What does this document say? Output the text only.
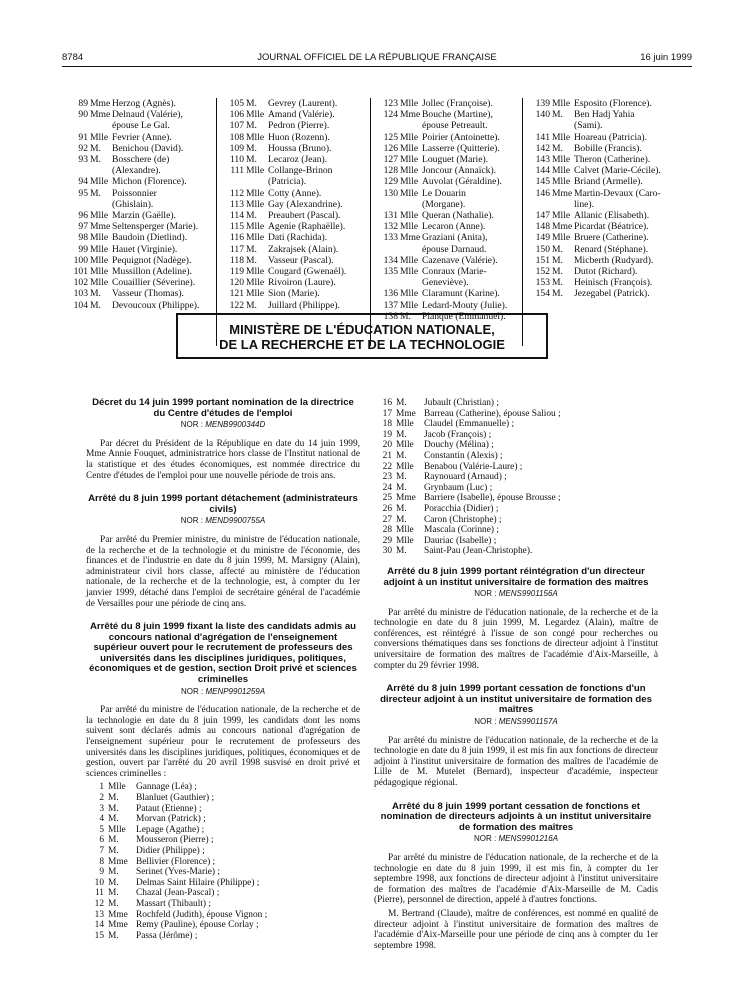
8784	JOURNAL OFFICIEL DE LA RÉPUBLIQUE FRANÇAISE	16 juin 1999
89 Mme Herzog (Agnès).
90 Mme Delnaud (Valérie),
épouse Le Gal.
91 Mlle Fevrier (Anne).
92 M.	Benichou (David).
93 M.	Bosschere (de)
(Alexandre).
94 Mlle Michon (Florence).
95 M.	Poissonnier
(Ghislain).
96 Mlle Marzin (Gaëlle).
97 Mme Seltensperger (Marie).
98 Mlle Baudoin (Dietlind).
99 Mlle Hauet (Virginie).
100 Mlle Pequignot (Nadège).
101 Mlle Mussillon (Adeline).
102 Mlle Couaillier (Séverine).
103 M.	Vasseur (Thomas).
104 M.	Devoucoux (Philippe).
105 M.	Gevrey (Laurent).
106 Mlle Amand (Valérie).
107 M.	Pedron (Pierre).
108 Mlle Huon (Rozenn).
109 M.	Houssa (Bruno).
110 M.	Lecaroz (Jean).
111 Mlle Collange-Brinon
(Patricia).
112 Mlle Cotty (Anne).
113 Mlle Gay (Alexandrine).
114 M.	Preaubert (Pascal).
115 Mlle Agenie (Raphaëlle).
116 Mlle Dati (Rachida).
117 M.	Zakrajsek (Alain).
118 M.	Vasseur (Pascal).
119 Mlle Cougard (Gwenaël).
120 Mlle Rivoiron (Laure).
121 Mlle Sion (Marie).
122 M.	Juillard (Philippe).
123 Mlle Jollec (Françoise).
124 Mme Bouche (Martine),
épouse Petreault.
125 Mlle Poirier (Antoinette).
126 Mlle Lasserre (Quitterie).
127 Mlle Louguet (Marie).
128 Mlle Joncour (Annaïck).
129 Mlle Auvolat (Géraldine).
130 Mlle Le Douarin
(Morgane).
131 Mlle Queran (Nathalie).
132 Mlle Lecaron (Anne).
133 Mme Graziani (Anita),
épouse Darnaud.
134 Mlle Cazenave (Valérie).
135 Mlle Conraux (Marie-
Geneviève).
136 Mlle Claramunt (Karine).
137 Mlle Ledard-Mouty (Julie).
138 M.	Planque (Emmanuel).
139 Mlle Esposito (Florence).
140 M.	Ben Hadj Yahia
(Sami).
141 Mlle Hoareau (Patricia).
142 M.	Bobille (Francis).
143 Mlle Theron (Catherine).
144 Mlle Calvet (Marie-Cécile).
145 Mlle Briand (Armelle).
146 Mme Martin-Devaux (Caro-
line).
147 Mlle Allanic (Elisabeth).
148 Mme Picardat (Béatrice).
149 Mlle Bruere (Catherine).
150 M.	Renard (Stéphane).
151 M.	Micberth (Rudyard).
152 M.	Dutot (Richard).
153 M.	Heinisch (François).
154 M.	Jezegabel (Patrick).
MINISTÈRE DE L'ÉDUCATION NATIONALE,
DE LA RECHERCHE ET DE LA TECHNOLOGIE
Décret du 14 juin 1999 portant nomination de la directrice du Centre d'études de l'emploi
NOR : MENB9900344D

Par décret du Président de la République en date du 14 juin 1999, Mme Annie Fouquet, administratrice hors classe de l'Institut national de la statistique et des études économiques, est nommée directrice du Centre d'études de l'emploi pour une nouvelle période de trois ans.

Arrêté du 8 juin 1999 portant détachement (administrateurs civils)
NOR : MEND9900755A

Par arrêté du Premier ministre, du ministre de l'éducation nationale, de la recherche et de la technologie et du ministre de l'économie, des finances et de l'industrie en date du 8 juin 1999, M. Marsigny (Alain), administrateur civil hors classe, affecté au ministère de l'éducation nationale, de la recherche et de la technologie, est, à compter du 1er janvier 1999, détaché dans l'emploi de secrétaire général de l'académie de Versailles pour une période de cinq ans.

Arrêté du 8 juin 1999 fixant la liste des candidats admis au concours national d'agrégation de l'enseignement supérieur ouvert pour le recrutement de professeurs des universités dans les disciplines juridiques, politiques, économiques et de gestion, section Droit privé et sciences criminelles
NOR : MENP9901259A

Par arrêté du ministre de l'éducation nationale, de la recherche et de la technologie en date du 8 juin 1999, les candidats dont les noms suivent sont déclarés admis au concours national d'agrégation de l'enseignement supérieur pour le recrutement de professeurs des universités dans les disciplines juridiques, politiques, économiques et de gestion, ouvert par l'arrêté du 20 avril 1998 susvisé en droit privé et sciences criminelles :

1 Mlle	Gannage (Léa) ;
2 M.	Blanluet (Gauthier) ;
3 M.	Pataut (Etienne) ;
4 M.	Morvan (Patrick) ;
5 Mlle	Lepage (Agathe) ;
6 M.	Mousseron (Pierre) ;
7 M.	Didier (Philippe) ;
8 Mme Bellivier (Florence) ;
9 M.	Serinet (Yves-Marie) ;
10 M.	Delmas Saint Hilaire (Philippe) ;
11 M.	Chazal (Jean-Pascal) ;
12 M.	Massart (Thibault) ;
13 Mme Rochfeld (Judith), épouse Vignon ;
14 Mme Remy (Pauline), épouse Corlay ;
15 M.	Passa (Jérôme) ;
16 M.	Jubault (Christian) ;
17 Mme Barreau (Catherine), épouse Saliou ;
18 Mlle	Claudel (Emmanuelle) ;
19 M.	Jacob (François) ;
20 Mlle	Douchy (Mélina) ;
21 M.	Constantin (Alexis) ;
22 Mlle	Benabou (Valérie-Laure) ;
23 M.	Raynouard (Arnaud) ;
24 M.	Grynbaum (Luc) ;
25 Mme Barriere (Isabelle), épouse Brousse ;
26 M.	Poracchia (Didier) ;
27 M.	Caron (Christophe) ;
28 Mlle	Mascala (Corinne) ;
29 Mlle	Dauriac (Isabelle) ;
30 M.	Saint-Pau (Jean-Christophe).
Arrêté du 8 juin 1999 portant réintégration d'un directeur adjoint à un institut universitaire de formation des maîtres
NOR : MENS9901156A

Par arrêté du ministre de l'éducation nationale, de la recherche et de la technologie en date du 8 juin 1999, M. Legardez (Alain), maître de conférences, est réintégré à l'issue de son congé pour recherches ou conversions thématiques dans ses fonctions de directeur adjoint à l'institut universitaire de formation des maîtres de l'académie d'Aix-Marseille, à compter du 29 février 1998.

Arrêté du 8 juin 1999 portant cessation de fonctions d'un directeur adjoint à un institut universitaire de formation des maîtres
NOR : MENS9901157A

Par arrêté du ministre de l'éducation nationale, de la recherche et de la technologie en date du 8 juin 1999, il est mis fin aux fonctions de directeur adjoint à l'institut universitaire de formation des maîtres de l'académie de Lille de M. Mutelet (Bernard), inspecteur d'académie, inspecteur pédagogique régional.

Arrêté du 8 juin 1999 portant cessation de fonctions et nomination de directeurs adjoints à un institut universitaire de formation des maîtres
NOR : MENS9901216A

Par arrêté du ministre de l'éducation nationale, de la recherche et de la technologie en date du 8 juin 1999, il est mis fin, à compter du 1er septembre 1998, aux fonctions de directeur adjoint à l'institut universitaire de formation des maîtres de l'académie d'Aix-Marseille de M. Cadis (Pierre), personnel de direction, appelé à d'autres fonctions.

M. Bertrand (Claude), maître de conférences, est nommé en qualité de directeur adjoint à l'institut universitaire de formation des maîtres de l'académie d'Aix-Marseille pour une période de cinq ans à compter du 1er septembre 1998.
